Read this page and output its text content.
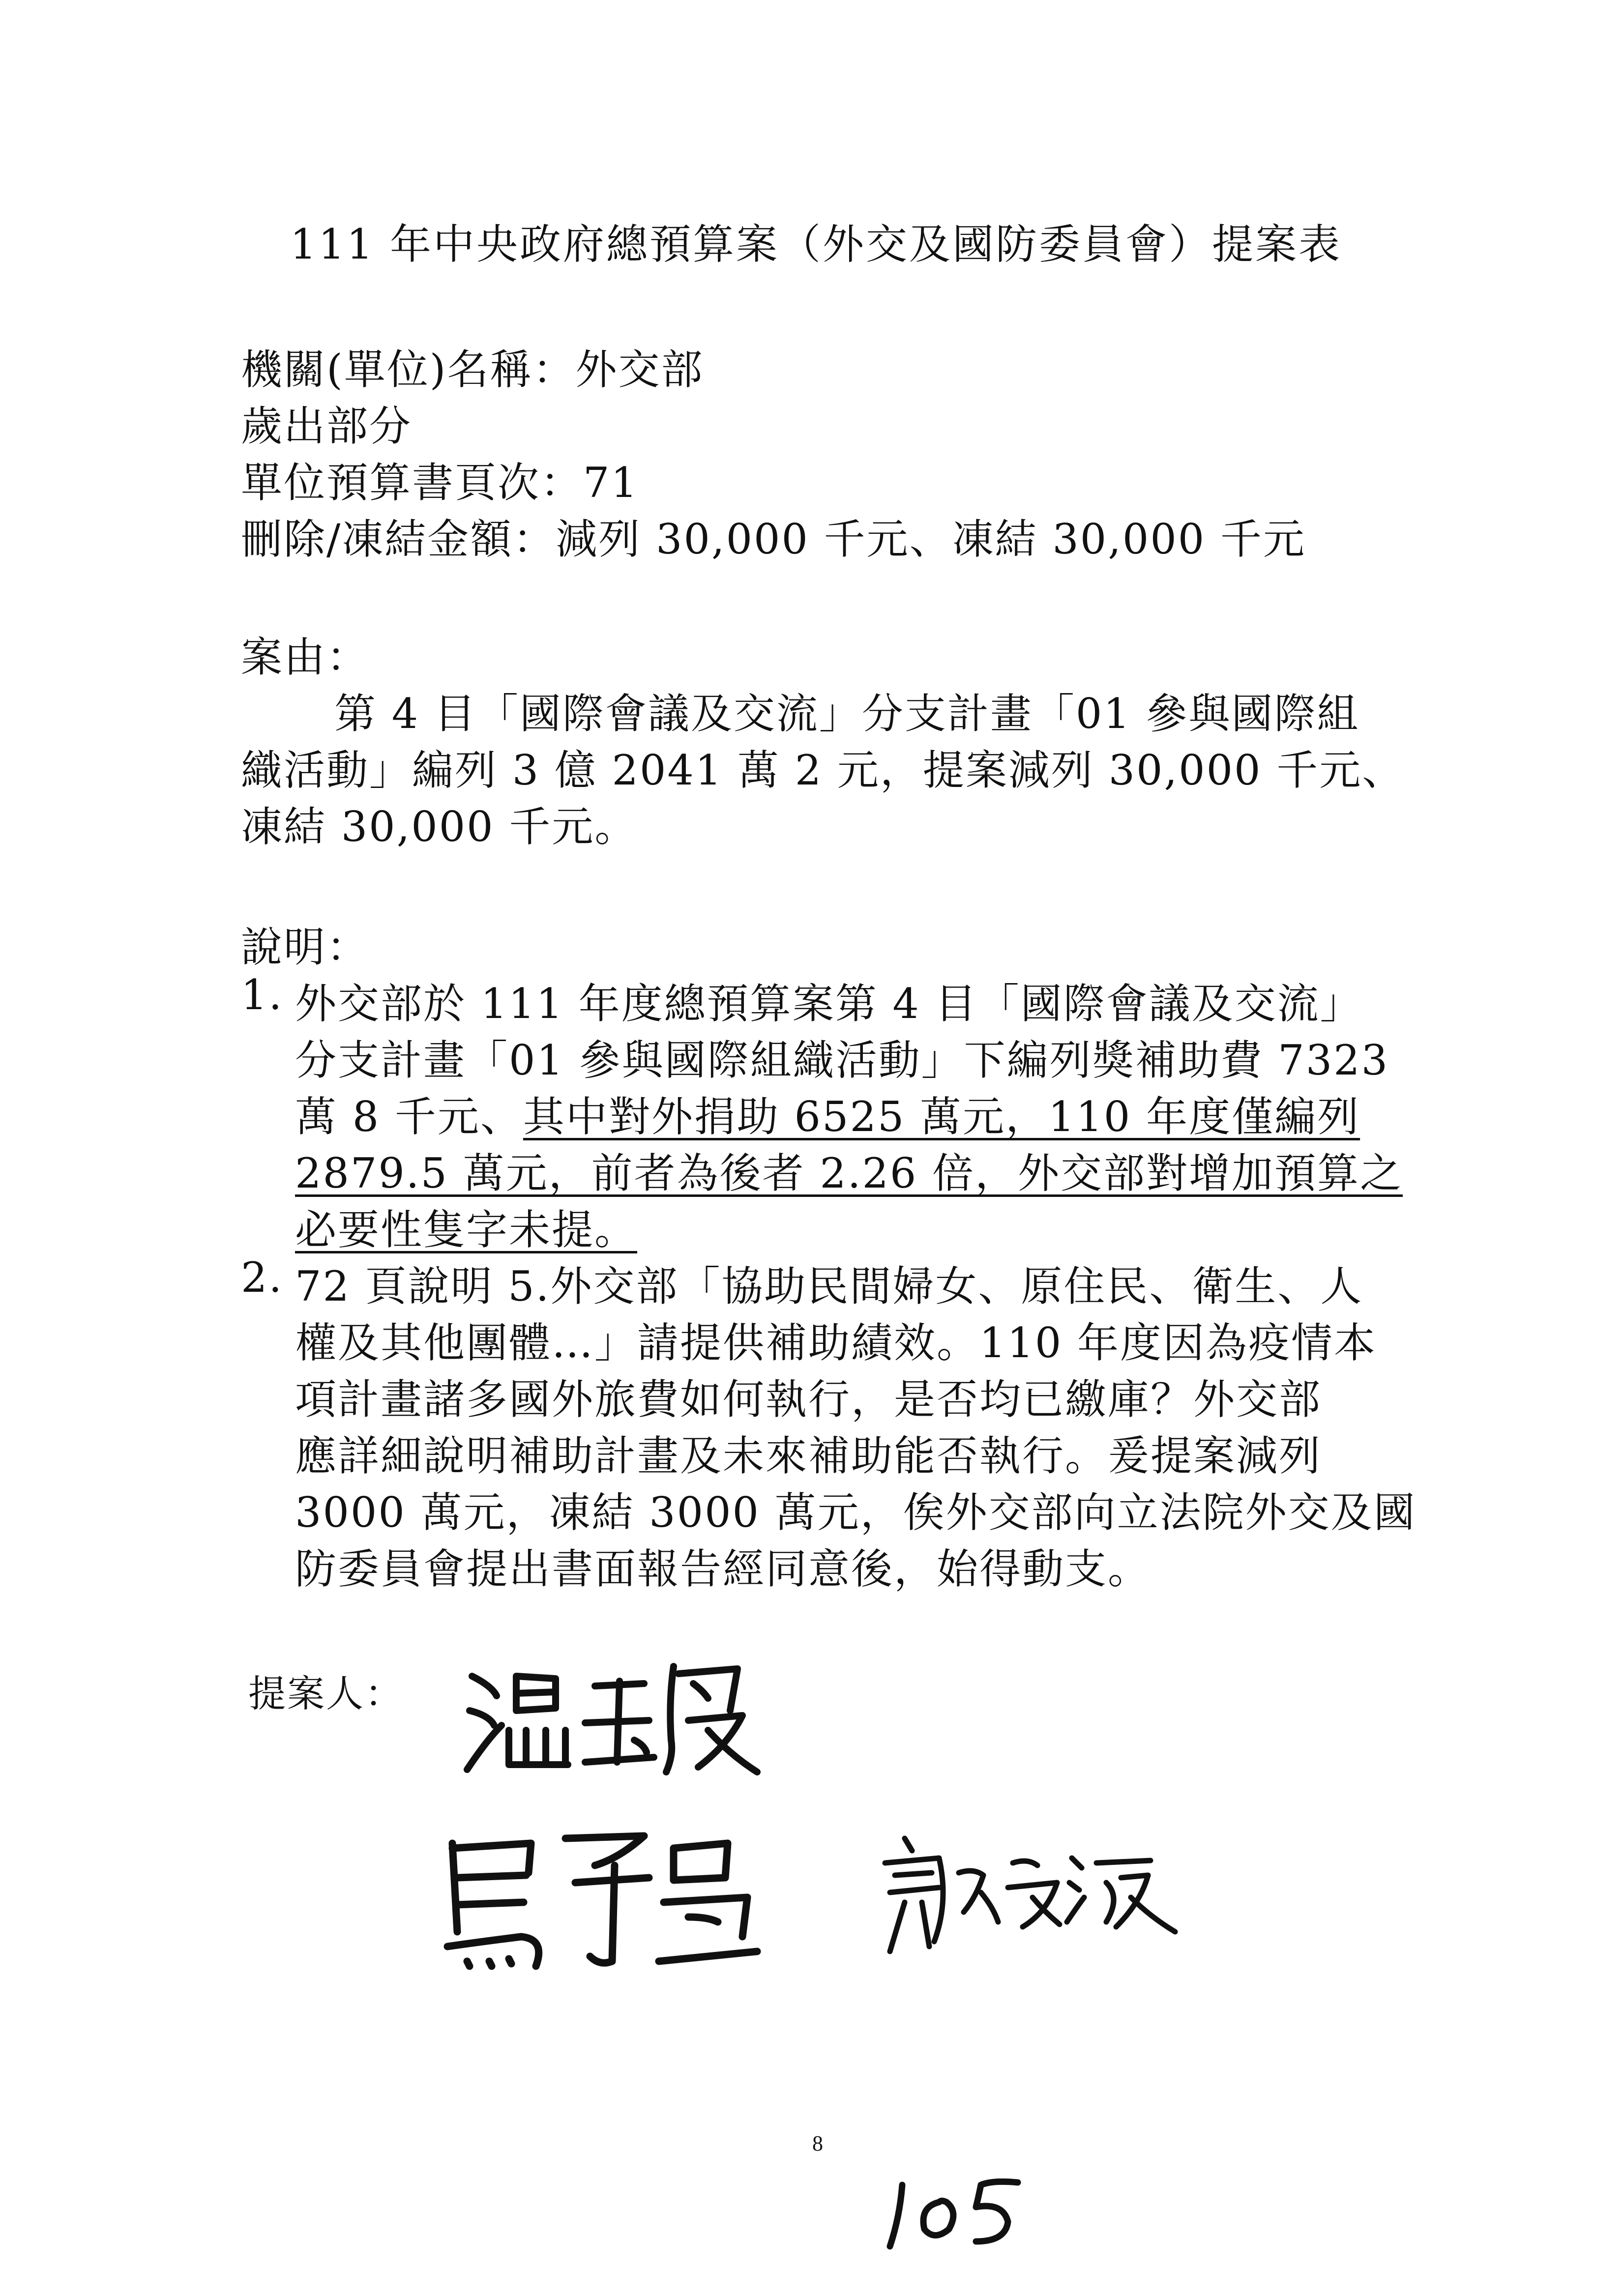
111 年中央政府總預算案（外交及國防委員會）提案表
機關(單位)名稱：外交部
歲出部分
單位預算書頁次：71
刪除/凍結金額：減列 30,000 千元、凍結 30,000 千元
案由：
第 4 目「國際會議及交流」分支計畫「01 參與國際組
織活動」編列 3 億 2041 萬 2 元，提案減列 30,000 千元、
凍結 30,000 千元。
說明：
1. 外交部於 111 年度總預算案第 4 目「國際會議及交流」
分支計畫「01 參與國際組織活動」下編列獎補助費 7323
萬 8 千元、其中對外捐助 6525 萬元，110 年度僅編列
2879.5 萬元，前者為後者 2.26 倍，外交部對增加預算之
必要性隻字未提。
2. 72 頁說明 5.外交部「協助民間婦女、原住民、衛生、人
權及其他團體…」請提供補助績效。110 年度因為疫情本
項計畫諸多國外旅費如何執行，是否均已繳庫？外交部
應詳細說明補助計畫及未來補助能否執行。爰提案減列
3000 萬元，凍結 3000 萬元，俟外交部向立法院外交及國
防委員會提出書面報告經同意後，始得動支。
提案人：
8
